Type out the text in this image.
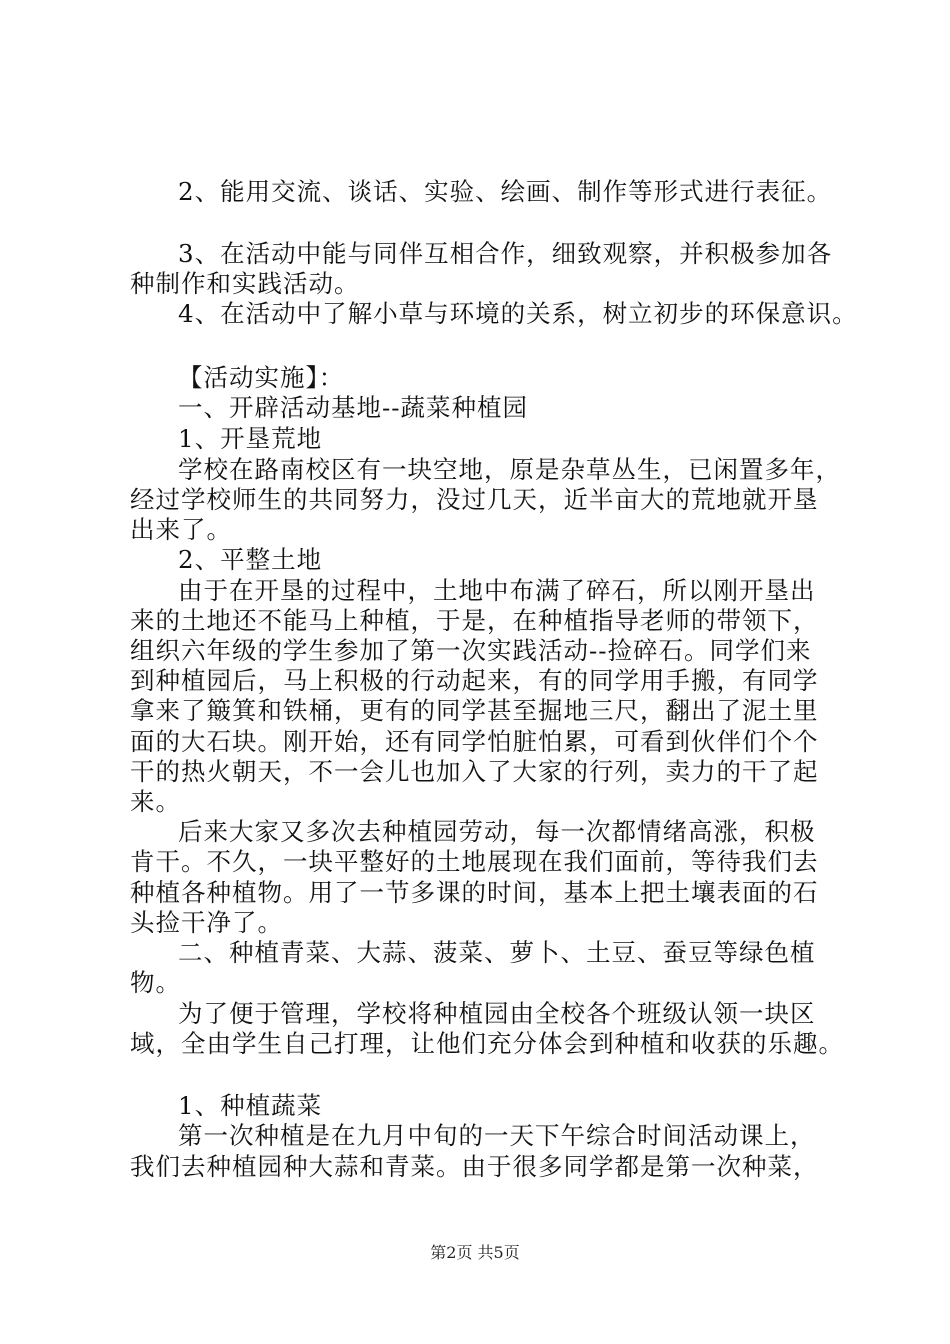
2、能用交流、谈话、实验、绘画、制作等形式进行表征。
3、在活动中能与同伴互相合作，细致观察，并积极参加各
种制作和实践活动。
4、在活动中了解小草与环境的关系，树立初步的环保意识。
【活动实施】：
一、开辟活动基地--蔬菜种植园
1、开垦荒地
学校在路南校区有一块空地，原是杂草丛生，已闲置多年，
经过学校师生的共同努力，没过几天，近半亩大的荒地就开垦
出来了。
2、平整土地
由于在开垦的过程中，土地中布满了碎石，所以刚开垦出
来的土地还不能马上种植，于是，在种植指导老师的带领下，
组织六年级的学生参加了第一次实践活动--捡碎石。同学们来
到种植园后，马上积极的行动起来，有的同学用手搬，有同学
拿来了簸箕和铁桶，更有的同学甚至掘地三尺，翻出了泥土里
面的大石块。刚开始，还有同学怕脏怕累，可看到伙伴们个个
干的热火朝天，不一会儿也加入了大家的行列，卖力的干了起
来。
后来大家又多次去种植园劳动，每一次都情绪高涨，积极
肯干。不久，一块平整好的土地展现在我们面前，等待我们去
种植各种植物。用了一节多课的时间，基本上把土壤表面的石
头捡干净了。
二、种植青菜、大蒜、菠菜、萝卜、土豆、蚕豆等绿色植
物。
为了便于管理，学校将种植园由全校各个班级认领一块区
域，全由学生自己打理，让他们充分体会到种植和收获的乐趣。
1、种植蔬菜
第一次种植是在九月中旬的一天下午综合时间活动课上，
我们去种植园种大蒜和青菜。由于很多同学都是第一次种菜，
第2页 共5页
